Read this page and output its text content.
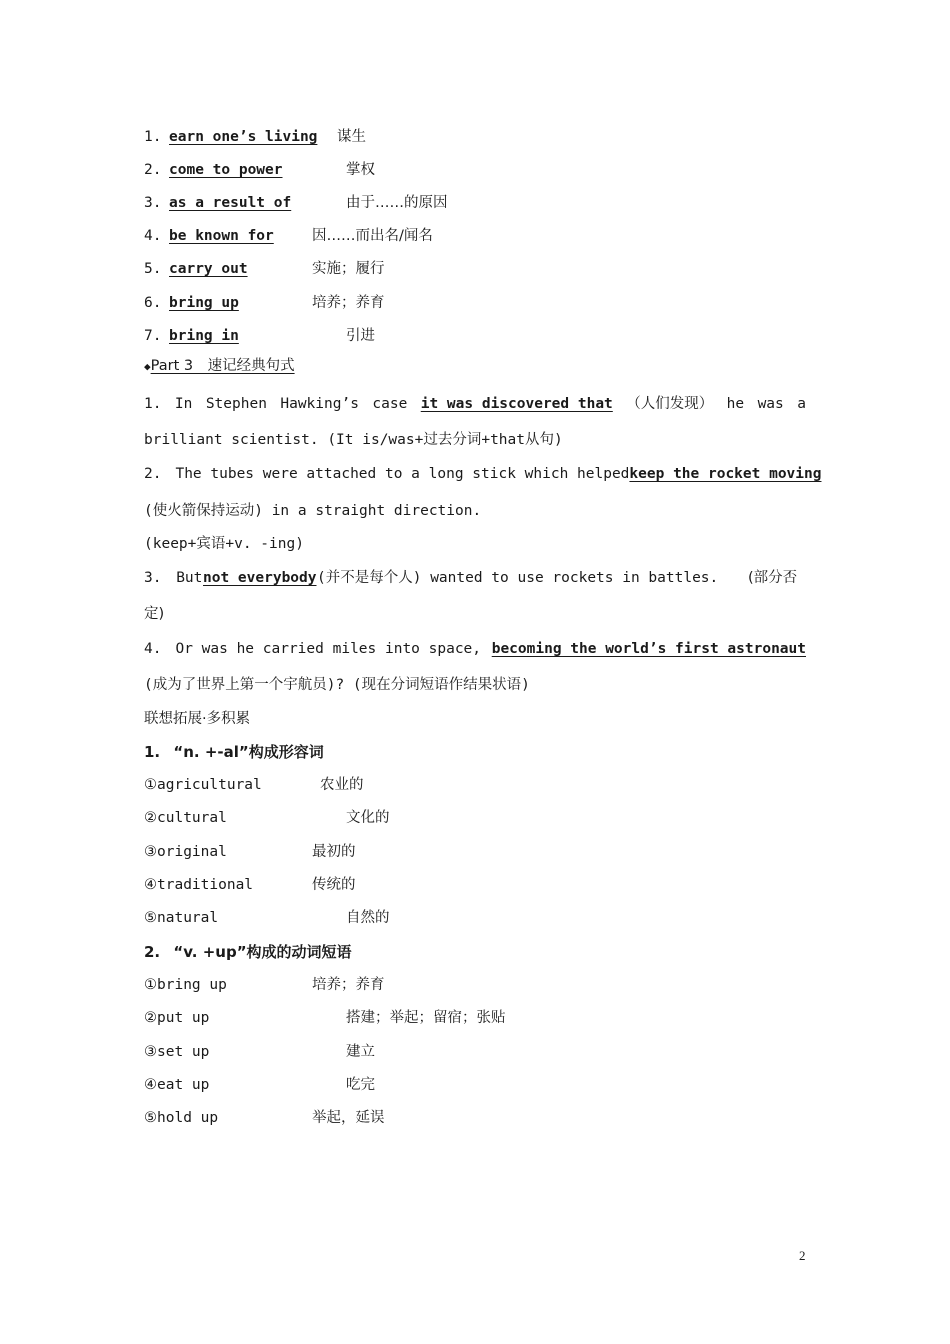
1. earn one’s living 谋生
2. come to power	掌权
3. as a result of	由于……的原因
4. be known for	因……而出名/闻名
5. carry out	实施；履行
6. bring up	培养；养育
7. bring in	引进
◆Part 3　速记经典句式
1. In Stephen Hawking’s case it was discovered that （人们发现） he was a
brilliant scientist. (It is/was+过去分词+that从句)
2. The tubes were attached to a long stick which helped keep the rocket moving
(使火箭保持运动) in a straight direction.
(keep+宾语+v. -ing)
3. But not everybody (并不是每个人) wanted to use rockets in battles. (部分否
定)
4. Or was he carried miles into space, becoming the world’s first astronaut
(成为了世界上第一个宇航员)? (现在分词短语作结果状语)
联想拓展·多积累
1. “n. +-al”构成形容词
①agricultural	农业的
②cultural	文化的
③original	最初的
④traditional	传统的
⑤natural	自然的
2. “v. +up”构成的动词短语
①bring up	培养；养育
②put up	搭建；举起；留宿；张贴
③set up	建立
④eat up	吃完
⑤hold up	举起，延误
2
